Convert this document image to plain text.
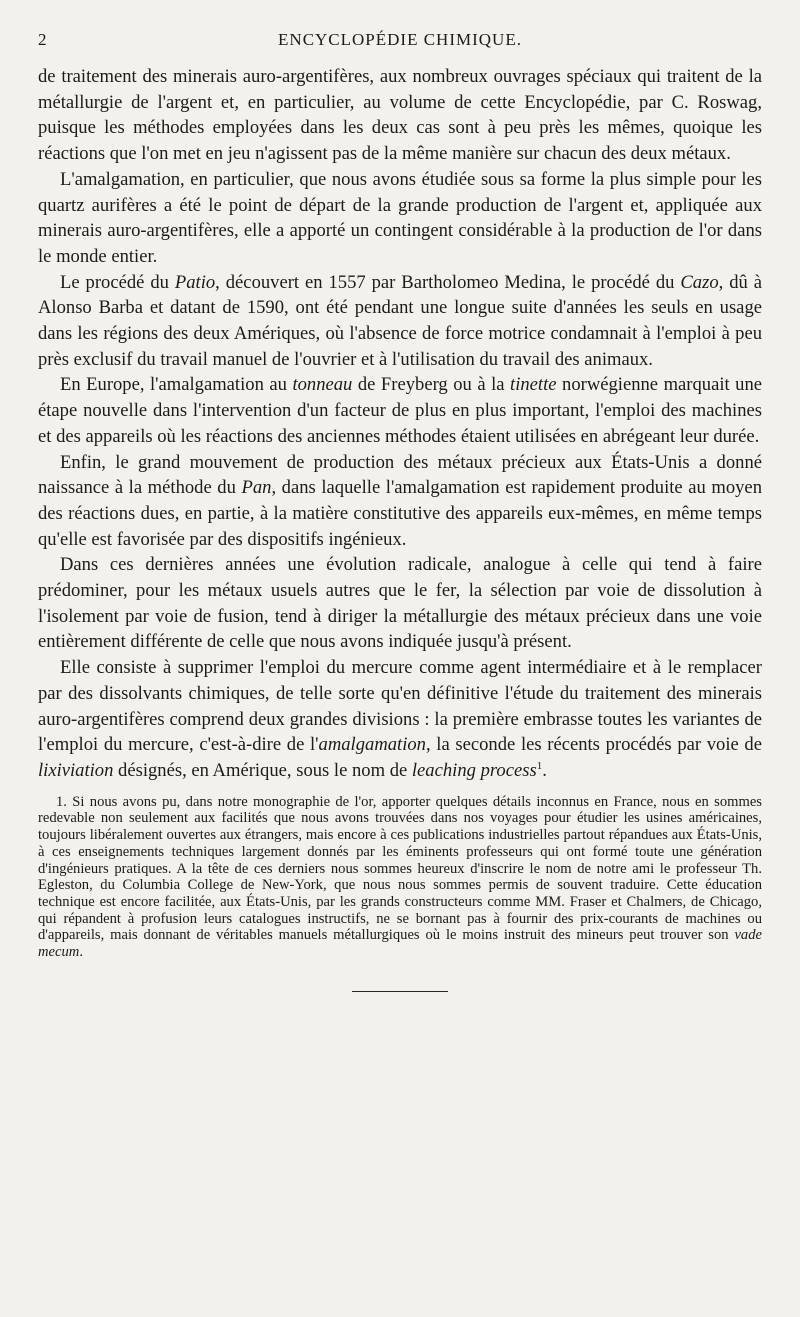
2	ENCYCLOPÉDIE CHIMIQUE.

de traitement des minerais auro-argentifères, aux nombreux ouvrages spéciaux qui traitent de la métallurgie de l'argent et, en particulier, au volume de cette Encyclopédie, par C. Roswag, puisque les méthodes employées dans les deux cas sont à peu près les mêmes, quoique les réactions que l'on met en jeu n'agissent pas de la même manière sur chacun des deux métaux.

L'amalgamation, en particulier, que nous avons étudiée sous sa forme la plus simple pour les quartz aurifères a été le point de départ de la grande production de l'argent et, appliquée aux minerais auro-argentifères, elle a apporté un contingent considérable à la production de l'or dans le monde entier.

Le procédé du Patio, découvert en 1557 par Bartholomeo Medina, le procédé du Cazo, dû à Alonso Barba et datant de 1590, ont été pendant une longue suite d'années les seuls en usage dans les régions des deux Amériques, où l'absence de force motrice condamnait à l'emploi à peu près exclusif du travail manuel de l'ouvrier et à l'utilisation du travail des animaux.

En Europe, l'amalgamation au tonneau de Freyberg ou à la tinette norwégienne marquait une étape nouvelle dans l'intervention d'un facteur de plus en plus important, l'emploi des machines et des appareils où les réactions des anciennes méthodes étaient utilisées en abrégeant leur durée.

Enfin, le grand mouvement de production des métaux précieux aux États-Unis a donné naissance à la méthode du Pan, dans laquelle l'amalgamation est rapidement produite au moyen des réactions dues, en partie, à la matière constitutive des appareils eux-mêmes, en même temps qu'elle est favorisée par des dispositifs ingénieux.

Dans ces dernières années une évolution radicale, analogue à celle qui tend à faire prédominer, pour les métaux usuels autres que le fer, la sélection par voie de dissolution à l'isolement par voie de fusion, tend à diriger la métallurgie des métaux précieux dans une voie entièrement différente de celle que nous avons indiquée jusqu'à présent.

Elle consiste à supprimer l'emploi du mercure comme agent intermédiaire et à le remplacer par des dissolvants chimiques, de telle sorte qu'en définitive l'étude du traitement des minerais auro-argentifères comprend deux grandes divisions : la première embrasse toutes les variantes de l'emploi du mercure, c'est-à-dire de l'amalgamation, la seconde les récents procédés par voie de lixiviation désignés, en Amérique, sous le nom de leaching process$^1$.

1. Si nous avons pu, dans notre monographie de l'or, apporter quelques détails inconnus en France, nous en sommes redevable non seulement aux facilités que nous avons trouvées dans nos voyages pour étudier les usines américaines, toujours libéralement ouvertes aux étrangers, mais encore à ces publications industrielles partout répandues aux États-Unis, à ces enseignements techniques largement donnés par les éminents professeurs qui ont formé toute une génération d'ingénieurs pratiques. A la tête de ces derniers nous sommes heureux d'inscrire le nom de notre ami le professeur Th. Egleston, du Columbia College de New-York, que nous nous sommes permis de souvent traduire. Cette éducation technique est encore facilitée, aux États-Unis, par les grands constructeurs comme MM. Fraser et Chalmers, de Chicago, qui répandent à profusion leurs catalogues instructifs, ne se bornant pas à fournir des prix-courants de machines ou d'appareils, mais donnant de véritables manuels métallurgiques où le moins instruit des mineurs peut trouver son vade mecum.
